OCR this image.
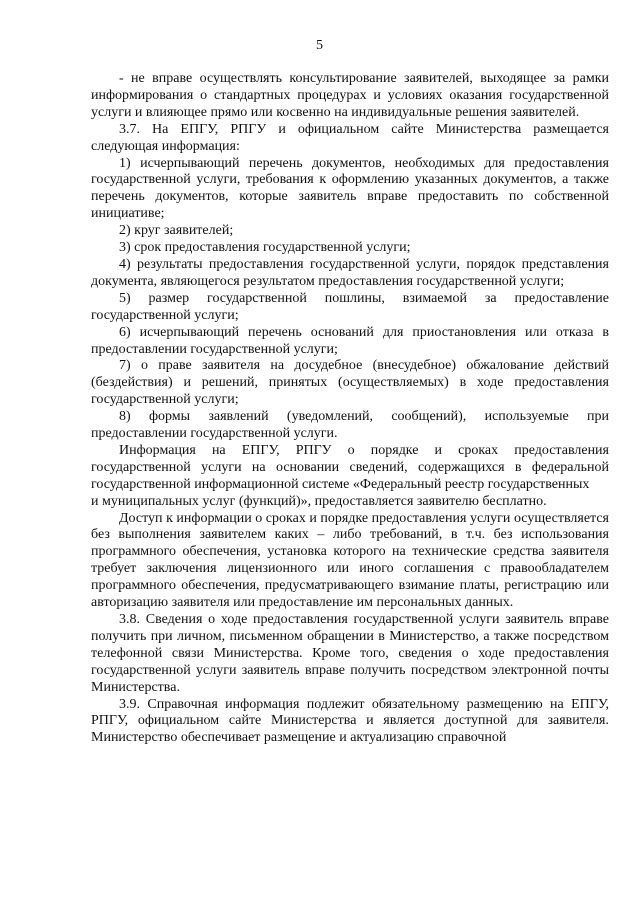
5

- не вправе осуществлять консультирование заявителей, выходящее за рамки информирования о стандартных процедурах и условиях оказания государственной услуги и влияющее прямо или косвенно на индивидуальные решения заявителей.

3.7. На ЕПГУ, РПГУ и официальном сайте Министерства размещается следующая информация:

1) исчерпывающий перечень документов, необходимых для предоставления государственной услуги, требования к оформлению указанных документов, а также перечень документов, которые заявитель вправе предоставить по собственной инициативе;

2) круг заявителей;

3) срок предоставления государственной услуги;

4) результаты предоставления государственной услуги, порядок представления документа, являющегося результатом предоставления государственной услуги;

5) размер государственной пошлины, взимаемой за предоставление государственной услуги;

6) исчерпывающий перечень оснований для приостановления или отказа в предоставлении государственной услуги;

7) о праве заявителя на досудебное (внесудебное) обжалование действий (бездействия) и решений, принятых (осуществляемых) в ходе предоставления государственной услуги;

8) формы заявлений (уведомлений, сообщений), используемые при предоставлении государственной услуги.

Информация на ЕПГУ, РПГУ о порядке и сроках предоставления государственной услуги на основании сведений, содержащихся в федеральной государственной информационной системе «Федеральный реестр государственных

и муниципальных услуг (функций)», предоставляется заявителю бесплатно.

Доступ к информации о сроках и порядке предоставления услуги осуществляется без выполнения заявителем каких – либо требований, в т.ч. без использования программного обеспечения, установка которого на технические средства заявителя требует заключения лицензионного или иного соглашения с правообладателем программного обеспечения, предусматривающего взимание платы, регистрацию или авторизацию заявителя или предоставление им персональных данных.

3.8. Сведения о ходе предоставления государственной услуги заявитель вправе получить при личном, письменном обращении в Министерство, а также посредством телефонной связи Министерства. Кроме того, сведения о ходе предоставления государственной услуги заявитель вправе получить посредством электронной почты Министерства.

3.9. Справочная информация подлежит обязательному размещению на ЕПГУ, РПГУ, официальном сайте Министерства и является доступной для заявителя. Министерство обеспечивает размещение и актуализацию справочной
